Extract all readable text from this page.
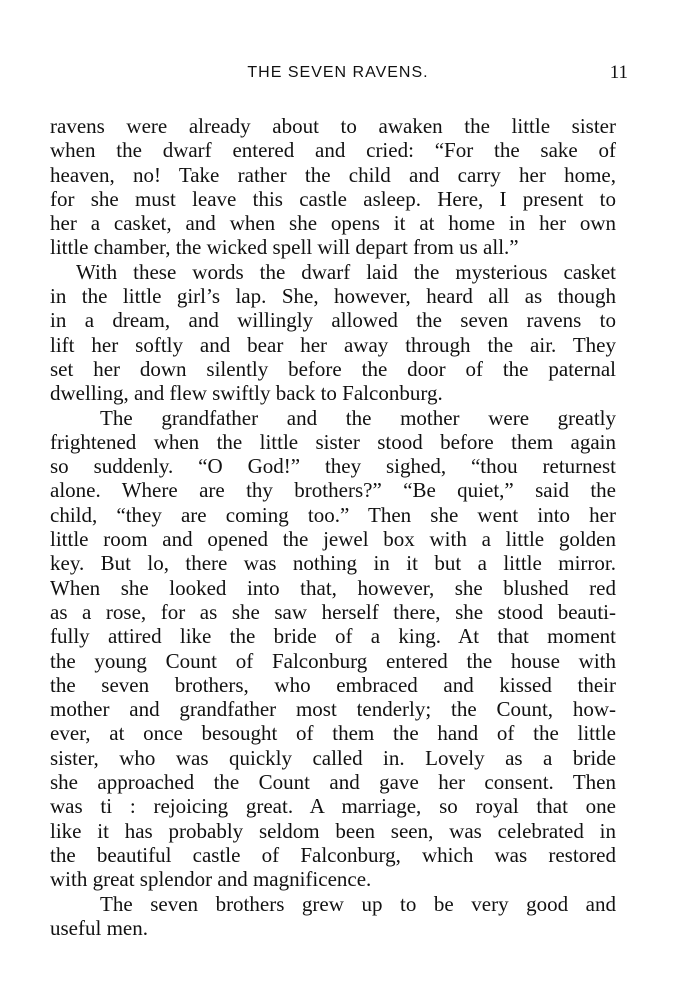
THE SEVEN RAVENS.	11
ravens were already about to awaken the little sister
when the dwarf entered and cried: “For the sake of
heaven, no! Take rather the child and carry her home,
for she must leave this castle asleep. Here, I present to
her a casket, and when she opens it at home in her own
little chamber, the wicked spell will depart from us all.”
With these words the dwarf laid the mysterious casket
in the little girl’s lap. She, however, heard all as though
in a dream, and willingly allowed the seven ravens to
lift her softly and bear her away through the air. They
set her down silently before the door of the paternal
dwelling, and flew swiftly back to Falconburg.
The grandfather and the mother were greatly
frightened when the little sister stood before them again
so suddenly. “O God!” they sighed, “thou returnest
alone. Where are thy brothers?” “Be quiet,” said the
child, “they are coming too.” Then she went into her
little room and opened the jewel box with a little golden
key. But lo, there was nothing in it but a little mirror.
When she looked into that, however, she blushed red
as a rose, for as she saw herself there, she stood beauti-
fully attired like the bride of a king. At that moment
the young Count of Falconburg entered the house with
the seven brothers, who embraced and kissed their
mother and grandfather most tenderly; the Count, how-
ever, at once besought of them the hand of the little
sister, who was quickly called in. Lovely as a bride
she approached the Count and gave her consent. Then
was ti : rejoicing great. A marriage, so royal that one
like it has probably seldom been seen, was celebrated in
the beautiful castle of Falconburg, which was restored
with great splendor and magnificence.
The seven brothers grew up to be very good and
useful men.
